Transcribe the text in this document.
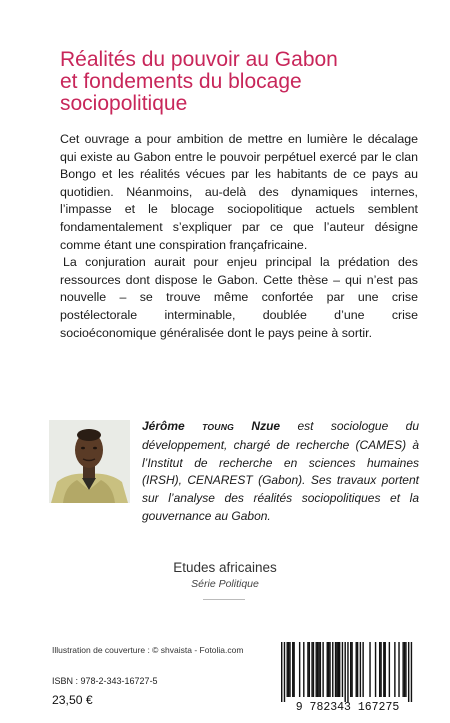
Réalités du pouvoir au Gabon
et fondements du blocage
sociopolitique

Cet ouvrage a pour ambition de mettre en lumière le décalage qui existe au Gabon entre le pouvoir perpétuel exercé par le clan Bongo et les réalités vécues par les habitants de ce pays au quotidien. Néanmoins, au-delà des dynamiques internes, l’impasse et le blocage sociopolitique actuels semblent fondamentalement s’expliquer par ce que l’auteur désigne comme étant une conspiration françafricaine.

La conjuration aurait pour enjeu principal la prédation des ressources dont dispose le Gabon. Cette thèse – qui n’est pas nouvelle – se trouve même confortée par une crise postélectorale interminable, doublée d’une crise socioéconomique généralisée dont le pays peine à sortir.

Jérôme TOUNG Nzue est sociologue du développement, chargé de recherche (CAMES) à l’Institut de recherche en sciences humaines (IRSH), CENAREST (Gabon). Ses travaux portent sur l’analyse des réalités sociopolitiques et la gouvernance au Gabon.

Etudes africaines
Série Politique
Illustration de couverture : © shvaista - Fotolia.com
ISBN : 978-2-343-16727-5
23,50 €
9 782343 167275
